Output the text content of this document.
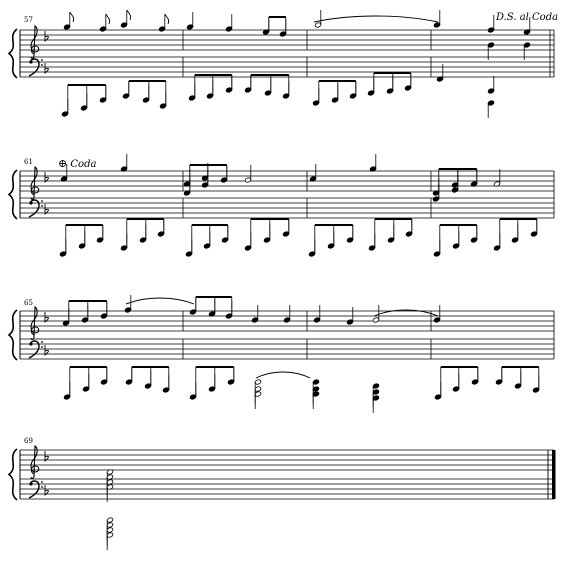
57
61
65
69
D.S. al Coda
⊕ Coda
